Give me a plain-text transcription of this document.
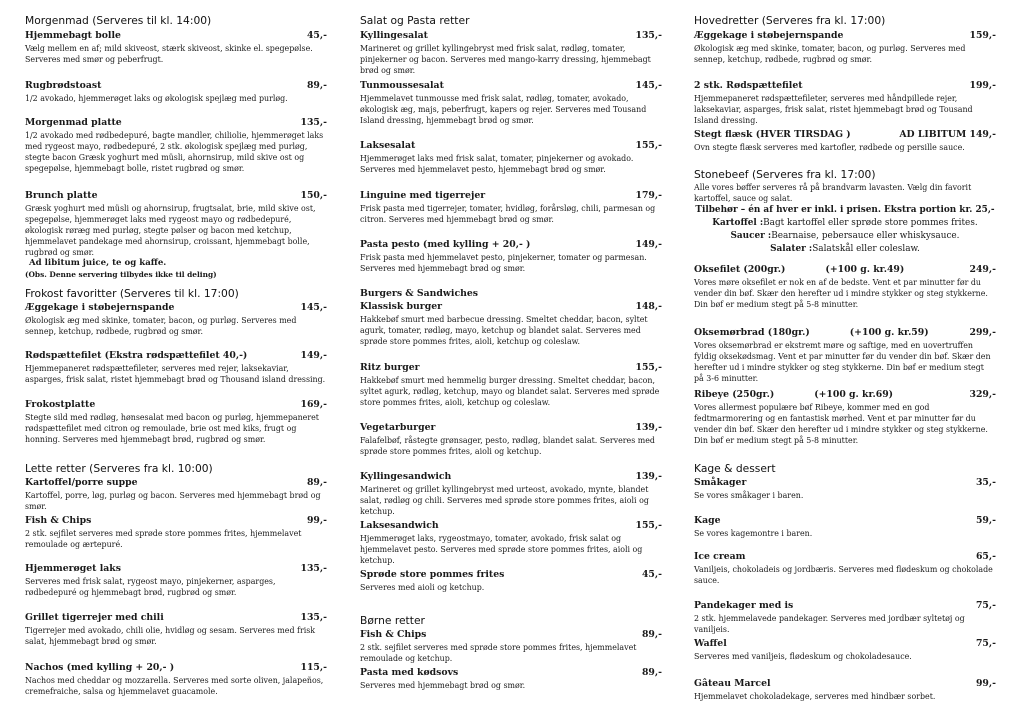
Morgenmad (Serveres til kl. 14:00)
Hjemmebagt bolle	45,-

Vælg mellem en af; mild skiveost, stærk skiveost, skinke el. spegepølse. Serveres med smør og peberfrugt.

Rugbrødstoast	89,-

1/2 avokado, hjemmerøget laks og økologisk spejlæg med purløg.

Morgenmad platte	135,-

1/2 avokado med rødbedepuré, bagte mandler, chiliolie, hjemmerøget laks med rygeost mayo, rødbedepuré, 2 stk. økologisk spejlæg med purløg, stegte bacon Græsk yoghurt med müsli, ahornsirup, mild skive ost og spegepølse, hjemmebagt bolle, ristet rugbrød og smør.

Brunch platte	150,-

Græsk yoghurt med müsli og ahornsirup, frugtsalat, brie, mild skive ost, spegepølse, hjemmerøget laks med rygeost mayo og rødbedepuré, økologisk røræg med purløg, stegte pølser og bacon med ketchup, hjemmelavet pandekage med ahornsirup, croissant, hjemmebagt bolle, rugbrød og smør.

Ad libitum juice, te og kaffe.

(Obs. Denne servering tilbydes ikke til deling)

Frokost favoritter (Serveres til kl. 17:00)
Æggekage i støbejernspande	145,-

Økologisk æg med skinke, tomater, bacon, og purløg. Serveres med sennep, ketchup, rødbede, rugbrød og smør.

Rødspættefilet (Ekstra rødspættefilet 40,-)	149,-

Hjemmepaneret rødspættefileter, serveres med rejer, laksekaviar, asparges, frisk salat, ristet hjemmebagt brød og Thousand island dressing.

Frokostplatte	169,-

Stegte sild med rødløg, hønsesalat med bacon og purløg, hjemmepaneret rødspættefilet med citron og remoulade, brie ost med kiks, frugt og honning. Serveres med hjemmebagt brød, rugbrød og smør.

Lette retter (Serveres fra kl. 10:00)
Kartoffel/porre suppe	89,-

Kartoffel, porre, løg, purløg og bacon. Serveres med hjemmebagt brød og smør.

Fish & Chips	99,-

2 stk. sejfilet serveres med sprøde store pommes frites, hjemmelavet remoulade og ærtepuré.

Hjemmerøget laks	135,-

Serveres med frisk salat, rygeost mayo, pinjekerner, asparges, rødbedepuré og hjemmebagt brød, rugbrød og smør.

Grillet tigerrejer med chili	135,-

Tigerrejer med avokado, chili olie, hvidløg og sesam. Serveres med frisk salat, hjemmebagt brød og smør.

Nachos (med kylling + 20,- )	115,-

Nachos med cheddar og mozzarella. Serveres med sorte oliven, jalapeños, cremefraiche, salsa og hjemmelavet guacamole.

Salat og Pasta retter
Kyllingesalat	135,-

Marineret og grillet kyllingebryst med frisk salat, rødløg, tomater, pinjekerner og bacon. Serveres med mango-karry dressing, hjemmebagt brød og smør.

Tunmoussesalat	145,-

Hjemmelavet tunmousse med frisk salat, rødløg, tomater, avokado, økologisk æg, majs, peberfrugt, kapers og rejer. Serveres med Tousand Island dressing, hjemmebagt brød og smør.

Laksesalat	155,-

Hjemmerøget laks med frisk salat, tomater, pinjekerner og avokado. Serveres med hjemmelavet pesto, hjemmebagt brød og smør.

Linguine med tigerrejer	179,-

Frisk pasta med tigerrejer, tomater, hvidløg, forårsløg, chili, parmesan og citron. Serveres med hjemmebagt brød og smør.

Pasta pesto (med kylling + 20,- )	149,-

Frisk pasta med hjemmelavet pesto, pinjekerner, tomater og parmesan. Serveres med hjemmebagt brød og smør.

Burgers & Sandwiches
Klassisk burger	148,-

Hakkebøf smurt med barbecue dressing. Smeltet cheddar, bacon, syltet agurk, tomater, rødløg, mayo, ketchup og blandet salat. Serveres med sprøde store pommes frites, aioli, ketchup og coleslaw.

Ritz burger	155,-

Hakkebøf smurt med hemmelig burger dressing. Smeltet cheddar, bacon, syltet agurk, rødløg, ketchup, mayo og blandet salat. Serveres med sprøde store pommes frites, aioli, ketchup og coleslaw.

Vegetarburger	139,-

Falafelbøf, råstegte grønsager, pesto, rødløg, blandet salat. Serveres med sprøde store pommes frites, aioli og ketchup.

Kyllingesandwich	139,-

Marineret og grillet kyllingebryst med urteost, avokado, mynte, blandet salat, rødløg og chili. Serveres med sprøde store pommes frites, aioli og ketchup.

Laksesandwich	155,-

Hjemmerøget laks, rygeostmayo, tomater, avokado, frisk salat og hjemmelavet pesto. Serveres med sprøde store pommes frites, aioli og ketchup.

Sprøde store pommes frites	45,-

Serveres med aioli og ketchup.

Børne retter
Fish & Chips	89,-

2 stk. sejfilet serveres med sprøde store pommes frites, hjemmelavet remoulade og ketchup.

Pasta med kødsovs	89,-

Serveres med hjemmebagt brød og smør.

Hovedretter (Serveres fra kl. 17:00)
Æggekage i støbejernspande	159,-

Økologisk æg med skinke, tomater, bacon, og purløg. Serveres med sennep, ketchup, rødbede, rugbrød og smør.

2 stk. Rødspættefilet	199,-

Hjemmepaneret rødspættefileter, serveres med håndpillede rejer, laksekaviar, asparges, frisk salat, ristet hjemmebagt brød og Tousand Island dressing.

Stegt flæsk (HVER TIRSDAG )	AD LIBITUM 149,-

Ovn stegte flæsk serveres med kartofler, rødbede og persille sauce.

Stonebeef (Serveres fra kl. 17:00)

Alle vores bøffer serveres rå på brandvarm lavasten. Vælg din favorit kartoffel, sauce og salat.

Tilbehør – én af hver er inkl. i prisen. Ekstra portion kr. 25,-

Kartoffel :Bagt kartoffel eller sprøde store pommes frites.

Saucer :Bearnaise, pebersauce eller whiskysauce.

Salater :Salatskål eller coleslaw.

Oksefilet (200gr.)	(+100 g. kr.49)	249,-

Vores møre oksefilet er nok en af de bedste. Vent et par minutter før du vender din bøf. Skær den herefter ud i mindre stykker og steg stykkerne. Din bøf er medium stegt på 5-8 minutter.

Oksemørbrad (180gr.)	(+100 g. kr.59)	299,-

Vores oksemørbrad er ekstremt møre og saftige, med en uovertruffen fyldig oksekødsmag. Vent et par minutter før du vender din bøf. Skær den herefter ud i mindre stykker og steg stykkerne. Din bøf er medium stegt på 3-6 minutter.

Ribeye (250gr.)	(+100 g. kr.69)	329,-

Vores allermest populære bøf Ribeye, kommer med en god fedtmarmorering og en fantastisk mørhed. Vent et par minutter før du vender din bøf. Skær den herefter ud i mindre stykker og steg stykkerne. Din bøf er medium stegt på 5-8 minutter.

Kage & dessert
Småkager	35,-

Se vores småkager i baren.

Kage	59,-

Se vores kagemontre i baren.

Ice cream	65,-

Vaniljeis, chokoladeis og jordbæris. Serveres med flødeskum og chokolade sauce.

Pandekager med is	75,-

2 stk. hjemmelavede pandekager. Serveres med jordbær syltetøj og vaniljeis.

Waffel	75,-

Serveres med vaniljeis, flødeskum og chokoladesauce.

Gâteau Marcel	99,-

Hjemmelavet chokoladekage, serveres med hindbær sorbet.
